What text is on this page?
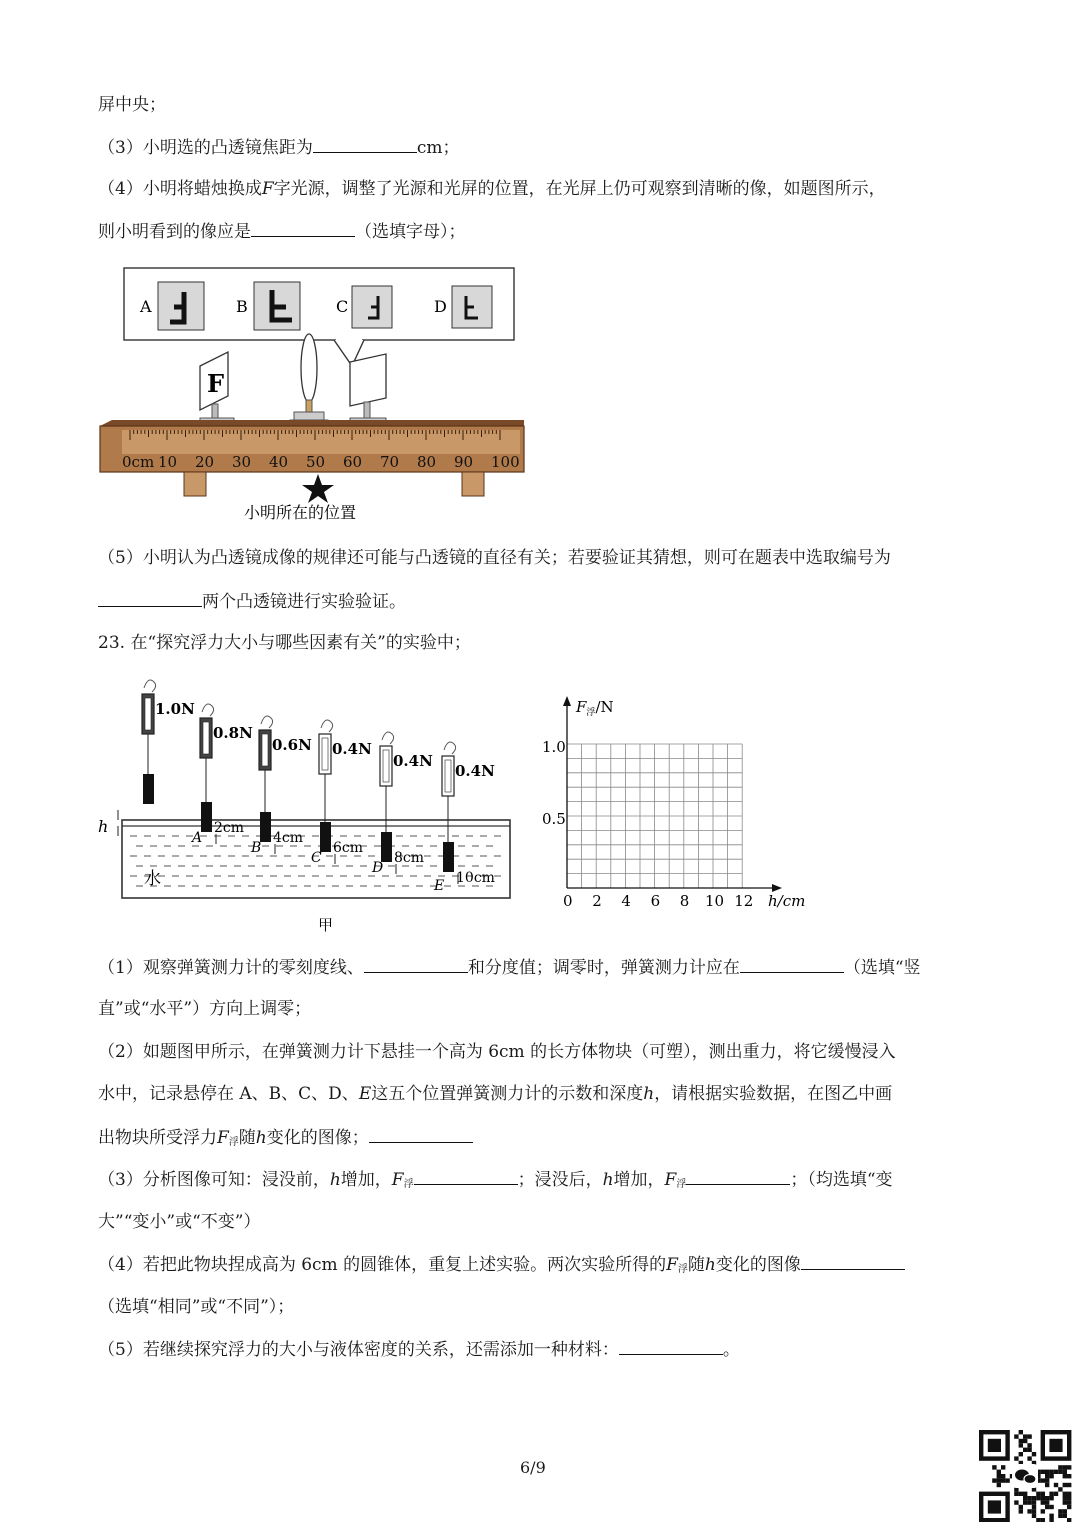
屏中央；
（3）小明选的凸透镜焦距为	cm；
（4）小明将蜡烛换成F字光源，调整了光源和光屏的位置，在光屏上仍可观察到清晰的像，如题图所示，
则小明看到的像应是	（选填字母）；
A	B	C	D
F
0cm 10 20 30 40 50 60 70 80 90 100
小明所在的位置
（5）小明认为凸透镜成像的规律还可能与凸透镜的直径有关；若要验证其猜想，则可在题表中选取编号为
两个凸透镜进行实验验证。
23. 在“探究浮力大小与哪些因素有关”的实验中；
水
h
1.0N
0.8N
2cm
A
0.6N
4cm
B
0.4N
6cm
C
0.4N
8cm
D
0.4N
10cm
E
甲
$F_浮/N$
1.0
0.5
0 2 4 6 8 10 12 h/cm
（1）观察弹簧测力计的零刻度线、	和分度值；调零时，弹簧测力计应在	（选填“竖
直”或“水平”）方向上调零；
（2）如题图甲所示，在弹簧测力计下悬挂一个高为 6cm 的长方体物块（可塑），测出重力，将它缓慢浸入
水中，记录悬停在 A、B、C、D、E这五个位置弹簧测力计的示数和深度h，请根据实验数据，在图乙中画
出物块所受浮力$F_浮$随h变化的图像；
（3）分析图像可知：浸没前，h增加，$F_浮$	；浸没后，h增加，$F_浮$	；（均选填“变
大”“变小”或“不变”）
（4）若把此物块捏成高为 6cm 的圆锥体，重复上述实验。两次实验所得的$F_浮$随h变化的图像
（选填“相同”或“不同”）；
（5）若继续探究浮力的大小与液体密度的关系，还需添加一种材料：	。
6/9
